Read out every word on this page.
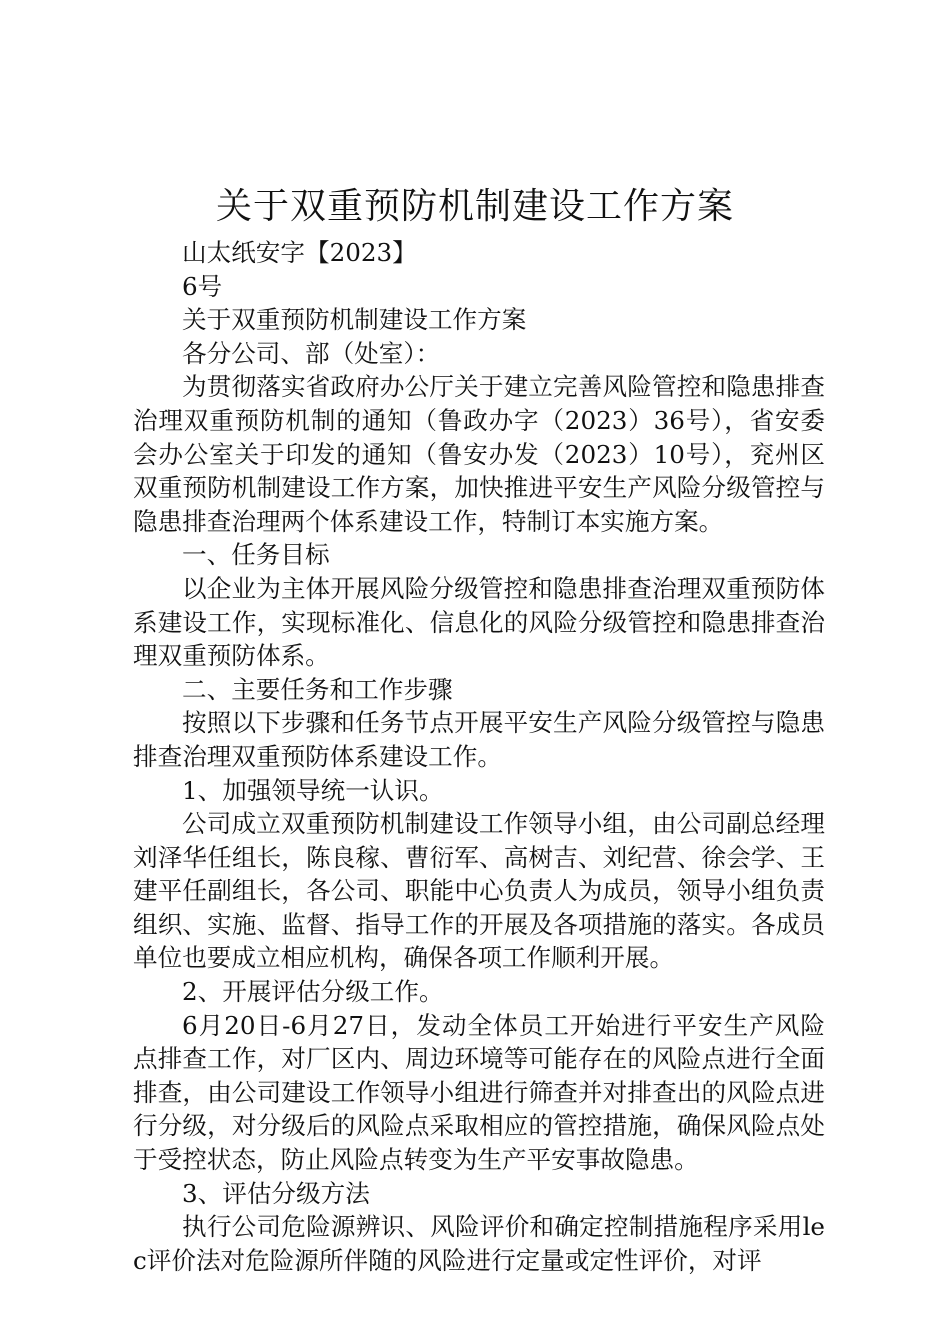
关于双重预防机制建设工作方案

山太纸安字【2023】

6号

关于双重预防机制建设工作方案

各分公司、部（处室）：

为贯彻落实省政府办公厅关于建立完善风险管控和隐患排查治理双重预防机制的通知（鲁政办字（2023）36号），省安委会办公室关于印发的通知（鲁安办发（2023）10号），兖州区双重预防机制建设工作方案，加快推进平安生产风险分级管控与隐患排查治理两个体系建设工作，特制订本实施方案。

一、任务目标

以企业为主体开展风险分级管控和隐患排查治理双重预防体系建设工作，实现标准化、信息化的风险分级管控和隐患排查治理双重预防体系。

二、主要任务和工作步骤

按照以下步骤和任务节点开展平安生产风险分级管控与隐患排查治理双重预防体系建设工作。

1、加强领导统一认识。

公司成立双重预防机制建设工作领导小组，由公司副总经理刘泽华任组长，陈良稼、曹衍军、高树吉、刘纪营、徐会学、王建平任副组长，各公司、职能中心负责人为成员，领导小组负责组织、实施、监督、指导工作的开展及各项措施的落实。各成员单位也要成立相应机构，确保各项工作顺利开展。

2、开展评估分级工作。

6月20日-6月27日，发动全体员工开始进行平安生产风险点排查工作，对厂区内、周边环境等可能存在的风险点进行全面排查，由公司建设工作领导小组进行筛查并对排查出的风险点进行分级，对分级后的风险点采取相应的管控措施，确保风险点处于受控状态，防止风险点转变为生产平安事故隐患。

3、评估分级方法

执行公司危险源辨识、风险评价和确定控制措施程序采用lec评价法对危险源所伴随的风险进行定量或定性评价，对评
